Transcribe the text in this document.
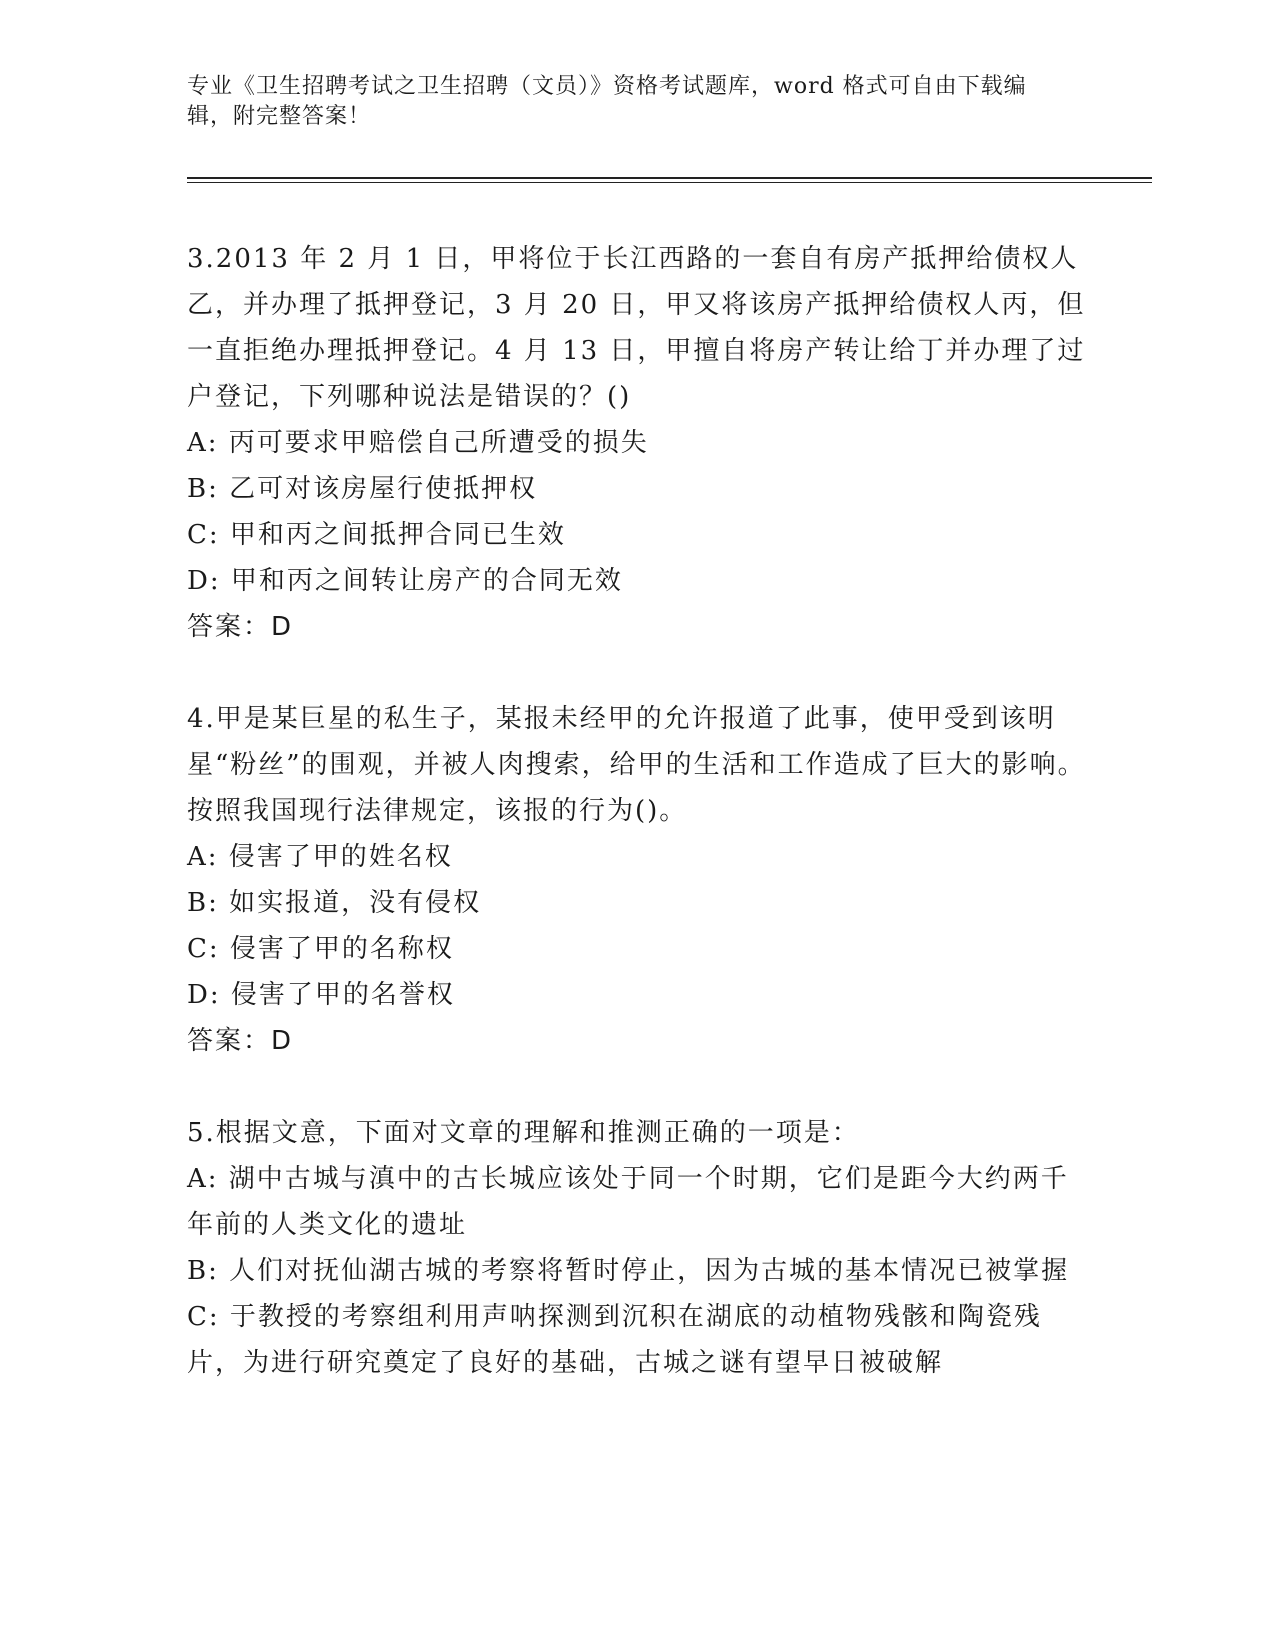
专业《卫生招聘考试之卫生招聘（文员）》资格考试题库，word 格式可自由下载编辑，附完整答案！

3.2013 年 2 月 1 日，甲将位于长江西路的一套自有房产抵押给债权人乙，并办理了抵押登记，3 月 20 日，甲又将该房产抵押给债权人丙，但一直拒绝办理抵押登记。4 月 13 日，甲擅自将房产转让给丁并办理了过户登记，下列哪种说法是错误的？()

A: 丙可要求甲赔偿自己所遭受的损失

B: 乙可对该房屋行使抵押权

C: 甲和丙之间抵押合同已生效

D: 甲和丙之间转让房产的合同无效

答案：D

4.甲是某巨星的私生子，某报未经甲的允许报道了此事，使甲受到该明星“粉丝”的围观，并被人肉搜索，给甲的生活和工作造成了巨大的影响。按照我国现行法律规定，该报的行为()。

A: 侵害了甲的姓名权

B: 如实报道，没有侵权

C: 侵害了甲的名称权

D: 侵害了甲的名誉权

答案：D

5.根据文意，下面对文章的理解和推测正确的一项是：

A: 湖中古城与滇中的古长城应该处于同一个时期，它们是距今大约两千年前的人类文化的遗址

B: 人们对抚仙湖古城的考察将暂时停止，因为古城的基本情况已被掌握

C: 于教授的考察组利用声呐探测到沉积在湖底的动植物残骸和陶瓷残片，为进行研究奠定了良好的基础，古城之谜有望早日被破解
